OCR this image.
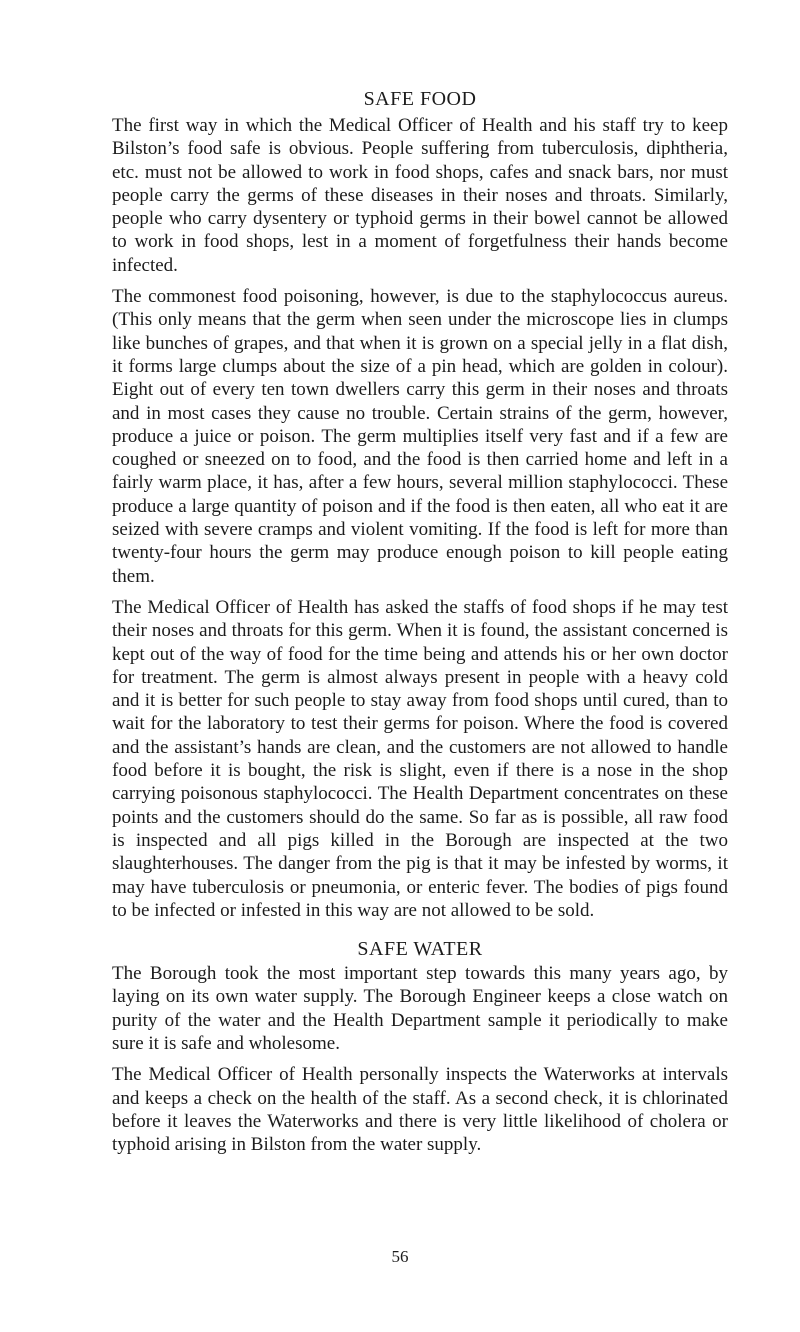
SAFE FOOD

The first way in which the Medical Officer of Health and his staff try to keep Bilston’s food safe is obvious. People suffering from tuberculosis, diphtheria, etc. must not be allowed to work in food shops, cafes and snack bars, nor must people carry the germs of these diseases in their noses and throats. Similarly, people who carry dysentery or typhoid germs in their bowel cannot be allowed to work in food shops, lest in a moment of forgetfulness their hands become infected.

The commonest food poisoning, however, is due to the staphylococcus aureus. (This only means that the germ when seen under the microscope lies in clumps like bunches of grapes, and that when it is grown on a special jelly in a flat dish, it forms large clumps about the size of a pin head, which are golden in colour). Eight out of every ten town dwellers carry this germ in their noses and throats and in most cases they cause no trouble. Certain strains of the germ, however, produce a juice or poison. The germ multiplies itself very fast and if a few are coughed or sneezed on to food, and the food is then carried home and left in a fairly warm place, it has, after a few hours, several million staphylococci. These produce a large quantity of poison and if the food is then eaten, all who eat it are seized with severe cramps and violent vomiting. If the food is left for more than twenty-four hours the germ may produce enough poison to kill people eating them.

The Medical Officer of Health has asked the staffs of food shops if he may test their noses and throats for this germ. When it is found, the assistant concerned is kept out of the way of food for the time being and attends his or her own doctor for treatment. The germ is almost always present in people with a heavy cold and it is better for such people to stay away from food shops until cured, than to wait for the laboratory to test their germs for poison. Where the food is covered and the assistant’s hands are clean, and the customers are not allowed to handle food before it is bought, the risk is slight, even if there is a nose in the shop carrying poisonous staphylococci. The Health Department concentrates on these points and the customers should do the same. So far as is possible, all raw food is inspected and all pigs killed in the Borough are inspected at the two slaughterhouses. The danger from the pig is that it may be infested by worms, it may have tuberculosis or pneumonia, or enteric fever. The bodies of pigs found to be infected or infested in this way are not allowed to be sold.

SAFE WATER

The Borough took the most important step towards this many years ago, by laying on its own water supply. The Borough Engineer keeps a close watch on purity of the water and the Health Department sample it periodically to make sure it is safe and wholesome.

The Medical Officer of Health personally inspects the Waterworks at intervals and keeps a check on the health of the staff. As a second check, it is chlorinated before it leaves the Waterworks and there is very little likelihood of cholera or typhoid arising in Bilston from the water supply.

56
